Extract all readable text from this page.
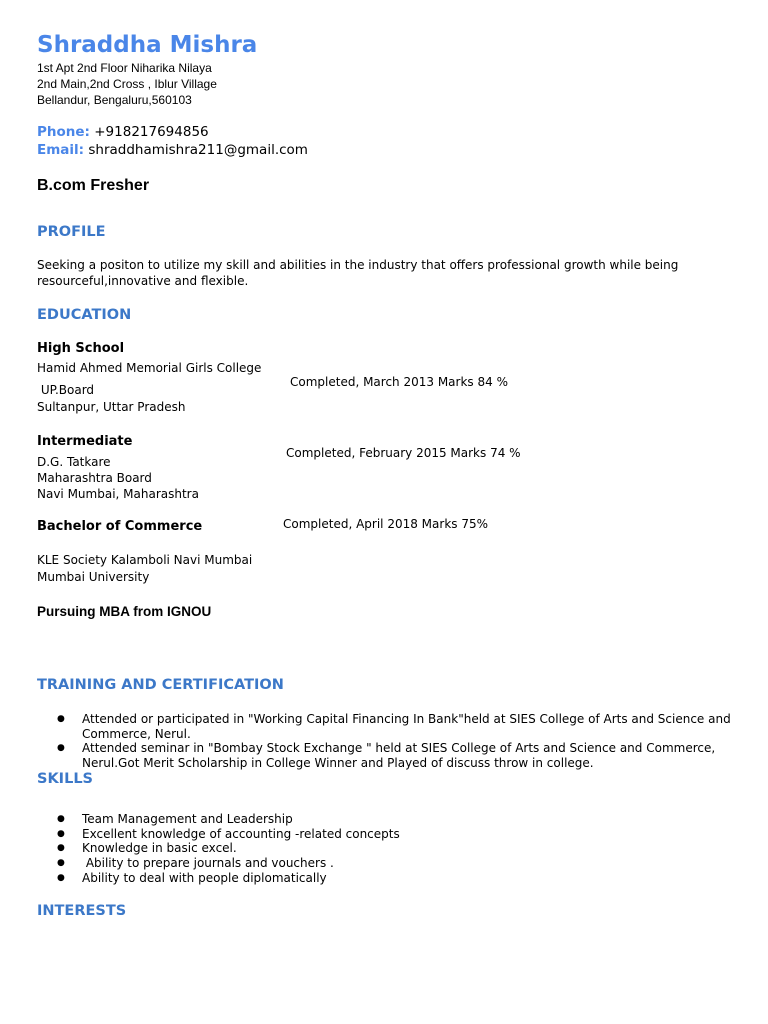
Shraddha Mishra
1st Apt 2nd Floor Niharika Nilaya
2nd Main,2nd Cross , Iblur Village
Bellandur, Bengaluru,560103
Phone: +918217694856
Email: shraddhamishra211@gmail.com
B.com Fresher
PROFILE
Seeking a positon to utilize my skill and abilities in the industry that offers professional growth while being resourceful,innovative and flexible.
EDUCATION
High School
Hamid Ahmed Memorial Girls College
UP.Board
Sultanpur, Uttar Pradesh
Completed, March 2013 Marks 84 %
Intermediate
D.G. Tatkare
Maharashtra Board
Navi Mumbai, Maharashtra
Completed, February 2015 Marks 74 %
Bachelor of Commerce	Completed, April 2018 Marks 75%
KLE Society Kalamboli Navi Mumbai
Mumbai University
Pursuing MBA from IGNOU
TRAINING AND CERTIFICATION
● Attended or participated in "Working Capital Financing In Bank"held at SIES College of Arts and Science and Commerce, Nerul.
● Attended seminar in "Bombay Stock Exchange " held at SIES College of Arts and Science and Commerce, Nerul.Got Merit Scholarship in College Winner and Played of discuss throw in college.
SKILLS
● Team Management and Leadership
● Excellent knowledge of accounting -related concepts
● Knowledge in basic excel.
●  Ability to prepare journals and vouchers .
● Ability to deal with people diplomatically
INTERESTS
